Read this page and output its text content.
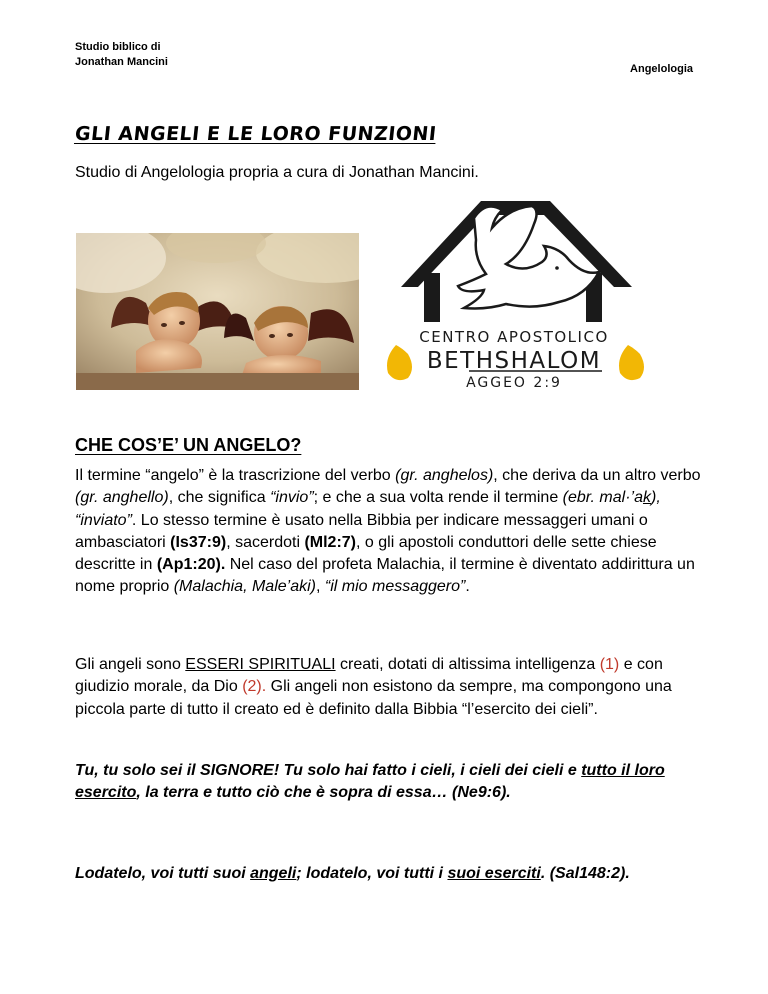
Studio biblico di
Jonathan Mancini
Angelologia
GLI ANGELI E LE LORO FUNZIONI
Studio di Angelologia propria a cura di Jonathan Mancini.
CENTRO APOSTOLICO
BETHSHALOM
AGGEO 2:9
CHE COS’E’ UN ANGELO?
Il termine “angelo” è la trascrizione del verbo (gr. anghelos), che deriva da un altro verbo (gr. anghello), che significa “invio”; e che a sua volta rende il termine (ebr. mal·’ak), “inviato”. Lo stesso termine è usato nella Bibbia per indicare messaggeri umani o ambasciatori (Is37:9), sacerdoti (Ml2:7), o gli apostoli conduttori delle sette chiese descritte in (Ap1:20). Nel caso del profeta Malachia, il termine è diventato addirittura un nome proprio (Malachia, Male’aki), “il mio messaggero”.
Gli angeli sono ESSERI SPIRITUALI creati, dotati di altissima intelligenza (1) e con giudizio morale, da Dio (2). Gli angeli non esistono da sempre, ma compongono una piccola parte di tutto il creato ed è definito dalla Bibbia “l’esercito dei cieli”.
Tu, tu solo sei il SIGNORE! Tu solo hai fatto i cieli, i cieli dei cieli e tutto il loro esercito, la terra e tutto ciò che è sopra di essa… (Ne9:6).
Lodatelo, voi tutti suoi angeli; lodatelo, voi tutti i suoi eserciti. (Sal148:2).
